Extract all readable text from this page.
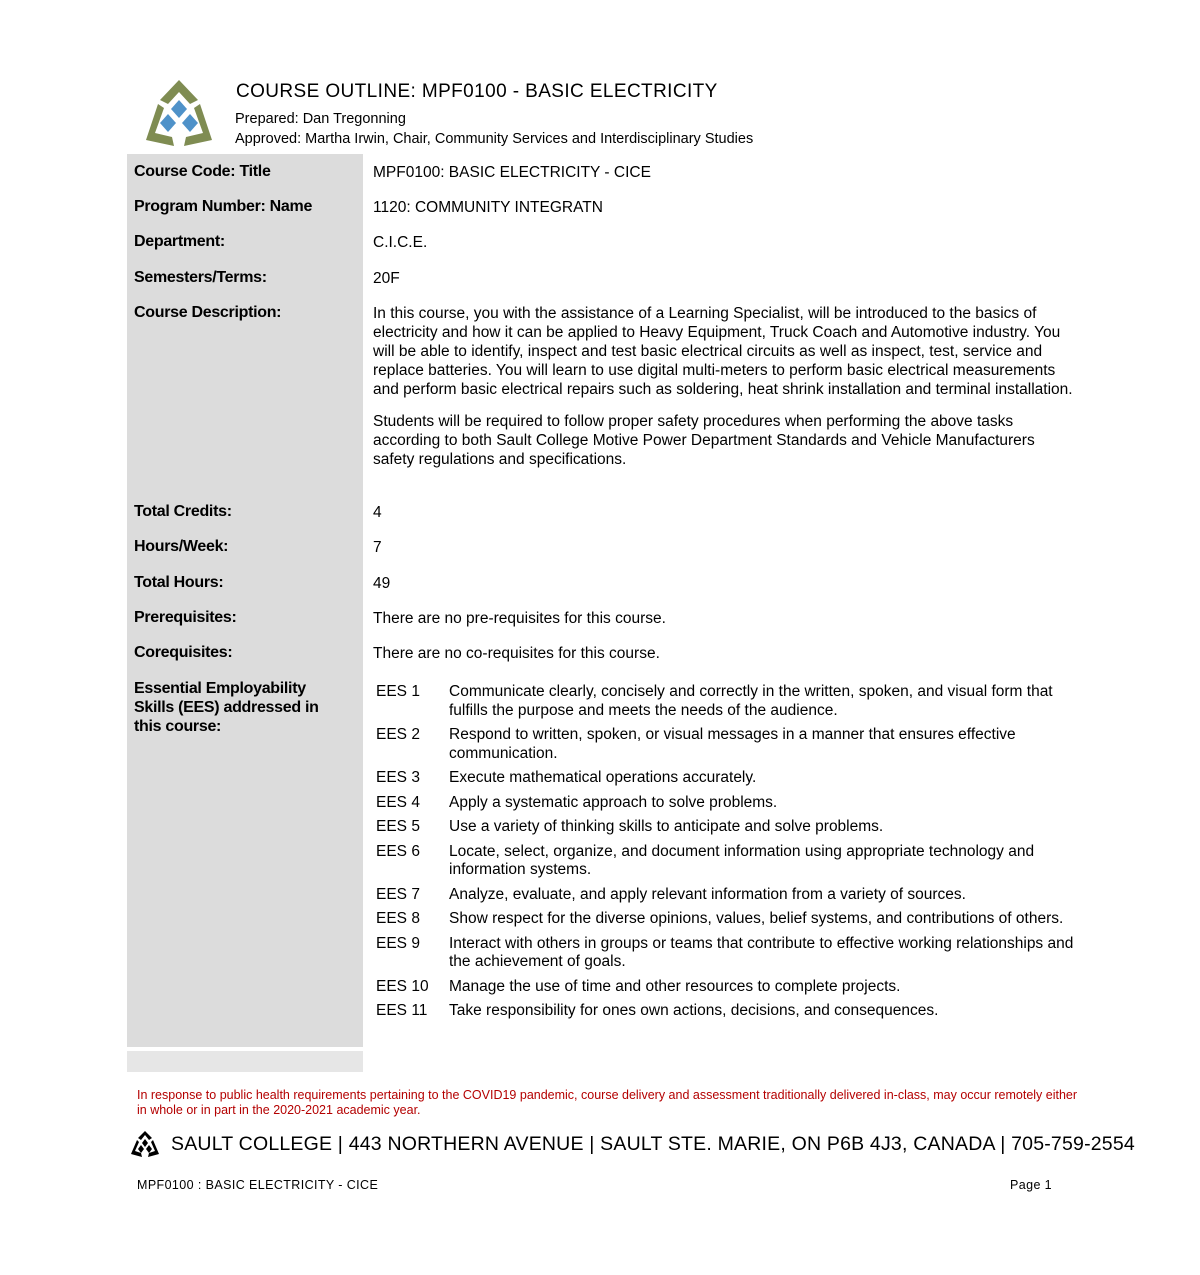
COURSE OUTLINE: MPF0100 - BASIC ELECTRICITY
Prepared: Dan Tregonning
Approved: Martha Irwin, Chair, Community Services and Interdisciplinary Studies
Course Code: Title	MPF0100: BASIC ELECTRICITY - CICE
Program Number: Name	1120: COMMUNITY INTEGRATN
Department:	C.I.C.E.
Semesters/Terms:	20F
Course Description:	In this course, you with the assistance of a Learning Specialist, will be introduced to the basics of electricity and how it can be applied to Heavy Equipment, Truck Coach and Automotive industry. You will be able to identify, inspect and test basic electrical circuits as well as inspect, test, service and replace batteries. You will learn to use digital multi-meters to perform basic electrical measurements and perform basic electrical repairs such as soldering, heat shrink installation and terminal installation.

Students will be required to follow proper safety procedures when performing the above tasks according to both Sault College Motive Power Department Standards and Vehicle Manufacturers safety regulations and specifications.

Total Credits:	4
Hours/Week:	7
Total Hours:	49
Prerequisites:	There are no pre-requisites for this course.
Corequisites:	There are no co-requisites for this course.
Essential Employability Skills (EES) addressed in this course:
EES 1	Communicate clearly, concisely and correctly in the written, spoken, and visual form that fulfills the purpose and meets the needs of the audience.
EES 2	Respond to written, spoken, or visual messages in a manner that ensures effective communication.
EES 3	Execute mathematical operations accurately.
EES 4	Apply a systematic approach to solve problems.
EES 5	Use a variety of thinking skills to anticipate and solve problems.
EES 6	Locate, select, organize, and document information using appropriate technology and information systems.
EES 7	Analyze, evaluate, and apply relevant information from a variety of sources.
EES 8	Show respect for the diverse opinions, values, belief systems, and contributions of others.
EES 9	Interact with others in groups or teams that contribute to effective working relationships and the achievement of goals.
EES 10	Manage the use of time and other resources to complete projects.
EES 11	Take responsibility for ones own actions, decisions, and consequences.
In response to public health requirements pertaining to the COVID19 pandemic, course delivery and assessment traditionally delivered in-class, may occur remotely either in whole or in part in the 2020-2021 academic year.
SAULT COLLEGE | 443 NORTHERN AVENUE | SAULT STE. MARIE, ON P6B 4J3, CANADA | 705-759-2554
MPF0100 : BASIC ELECTRICITY - CICE	Page 1
